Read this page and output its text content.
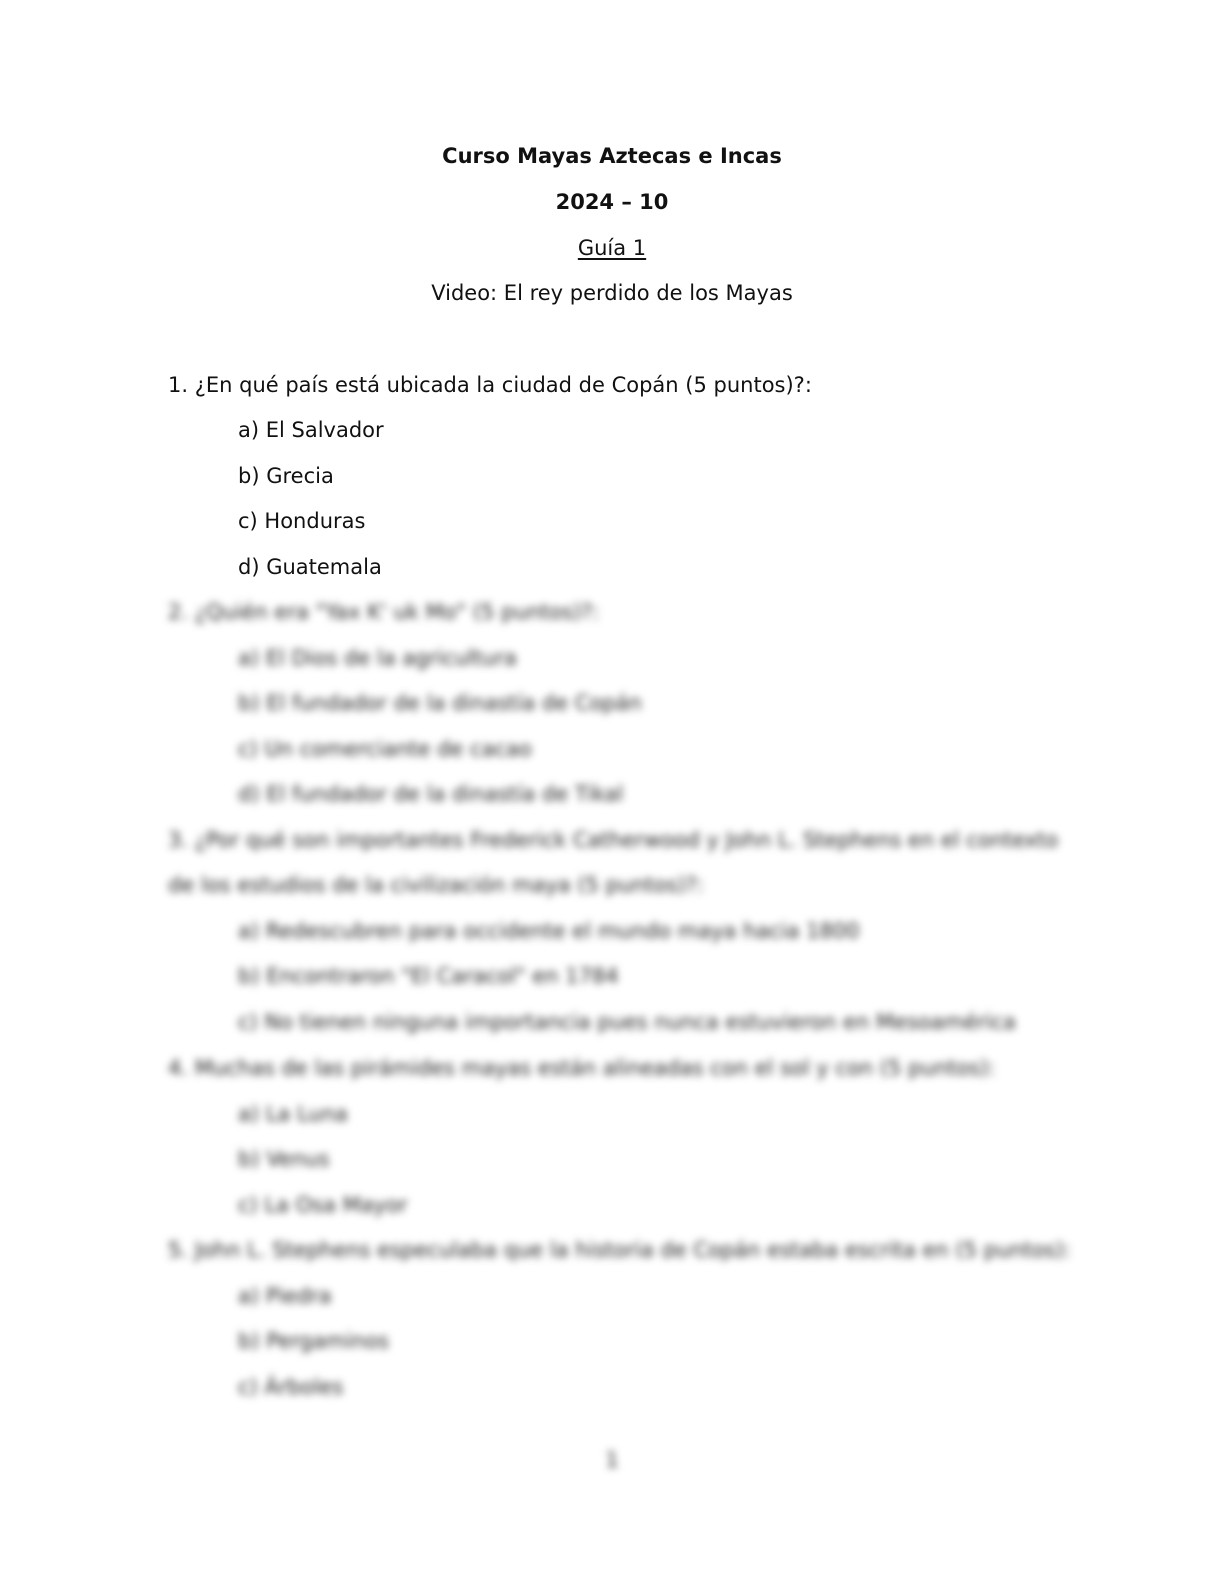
Curso Mayas Aztecas e Incas
2024 – 10
Guía 1
Video: El rey perdido de los Mayas
1. ¿En qué país está ubicada la ciudad de Copán (5 puntos)?:
a) El Salvador
b) Grecia
c) Honduras
d) Guatemala
2. ¿Quién era "Yax K' uk Mo" (5 puntos)?:
a) El Dios de la agricultura
b) El fundador de la dinastía de Copán
c) Un comerciante de cacao
d) El fundador de la dinastía de Tikal
3. ¿Por qué son importantes Frederick Catherwood y John L. Stephens en el contexto
de los estudios de la civilización maya (5 puntos)?:
a) Redescubren para occidente el mundo maya hacia 1800
b) Encontraron "El Caracol" en 1784
c) No tienen ninguna importancia pues nunca estuvieron en Mesoamérica
4. Muchas de las pirámides mayas están alineadas con el sol y con (5 puntos):
a) La Luna
b) Venus
c) La Osa Mayor
5. John L. Stephens especulaba que la historia de Copán estaba escrita en (5 puntos):
a) Piedra
b) Pergaminos
c) Árboles
1
